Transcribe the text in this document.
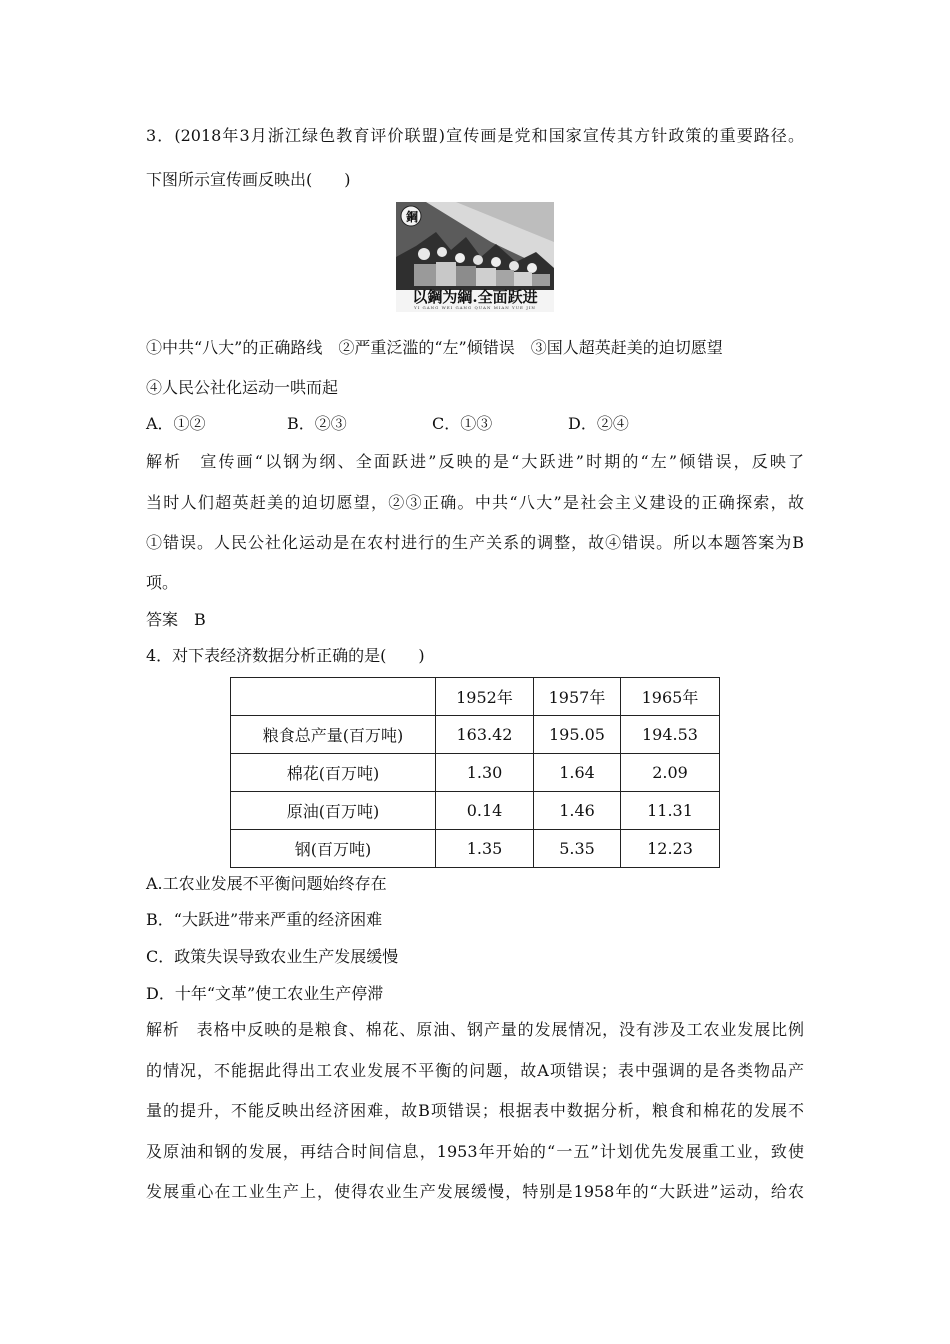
3．(2018年3月浙江绿色教育评价联盟)宣传画是党和国家宣传其方针政策的重要路径。
下图所示宣传画反映出(　　)
鋼
以鋼为綱.全面跃进
YI GANG WEI GANG QUAN MIAN YUE JIN
①中共“八大”的正确路线　②严重泛滥的“左”倾错误　③国人超英赶美的迫切愿望
④人民公社化运动一哄而起
A．①②	B．②③	C．①③	D．②④
解析　宣传画“以钢为纲、全面跃进”反映的是“大跃进”时期的“左”倾错误，反映了
当时人们超英赶美的迫切愿望，②③正确。中共“八大”是社会主义建设的正确探索，故
①错误。人民公社化运动是在农村进行的生产关系的调整，故④错误。所以本题答案为B
项。
答案　B
4．对下表经济数据分析正确的是(　　)
	1952年	1957年	1965年
粮食总产量(百万吨)	163.42	195.05	194.53
棉花(百万吨)	1.30	1.64	2.09
原油(百万吨)	0.14	1.46	11.31
钢(百万吨)	1.35	5.35	12.23
A.工农业发展不平衡问题始终存在
B．“大跃进”带来严重的经济困难
C．政策失误导致农业生产发展缓慢
D．十年“文革”使工农业生产停滞
解析　表格中反映的是粮食、棉花、原油、钢产量的发展情况，没有涉及工农业发展比例
的情况，不能据此得出工农业发展不平衡的问题，故A项错误；表中强调的是各类物品产
量的提升，不能反映出经济困难，故B项错误；根据表中数据分析，粮食和棉花的发展不
及原油和钢的发展，再结合时间信息，1953年开始的“一五”计划优先发展重工业，致使
发展重心在工业生产上，使得农业生产发展缓慢，特别是1958年的“大跃进”运动，给农
